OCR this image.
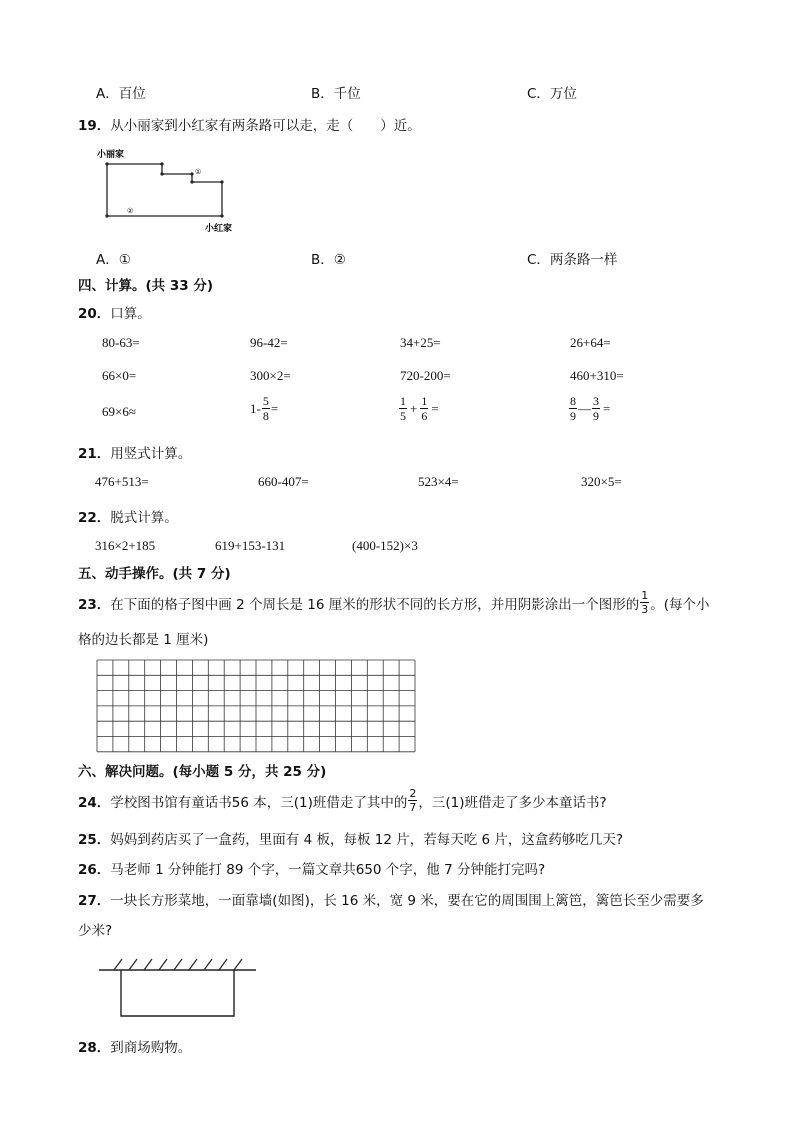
A．百位	B．千位	C．万位
19．从小丽家到小红家有两条路可以走，走（　　）近。
小丽家
小红家
①
②
A．①	B．②	C．两条路一样
四、计算。(共 33 分)
20．口算。
80-63=	96-42=	34+25=	26+64=
66×0=	300×2=	720-200=	460+310=
69×6≈	$1- \frac{5}{8}$ =	$\frac{1}{5} + \frac{1}{6}$ =	$\frac{8}{9}$ — $\frac{3}{9}$ =
21．用竖式计算。
476+513=	660-407=	523×4=	320×5=
22．脱式计算。
316×2+185	619+153-131	(400-152)×3
五、动手操作。(共 7 分)
23． 在下面的格子图中画 2 个周长是 16 厘米的形状不同的长方形，并用阴影涂出一个图形的 $\frac{1}{3}$ 。(每个小
格的边长都是 1 厘米)
六、解决问题。(每小题 5 分，共 25 分)
24． 学校图书馆有童话书56 本，三(1)班借走了其中的 $\frac{2}{7}$ ，三(1)班借走了多少本童话书?
25．妈妈到药店买了一盒药，里面有 4 板，每板 12 片，若每天吃 6 片，这盒药够吃几天?
26．马老师 1 分钟能打 89 个字，一篇文章共650 个字，他 7 分钟能打完吗?
27．一块长方形菜地，一面靠墙(如图)，长 16 米，宽 9 米，要在它的周围围上篱笆，篱笆长至少需要多
少米?
28．到商场购物。
